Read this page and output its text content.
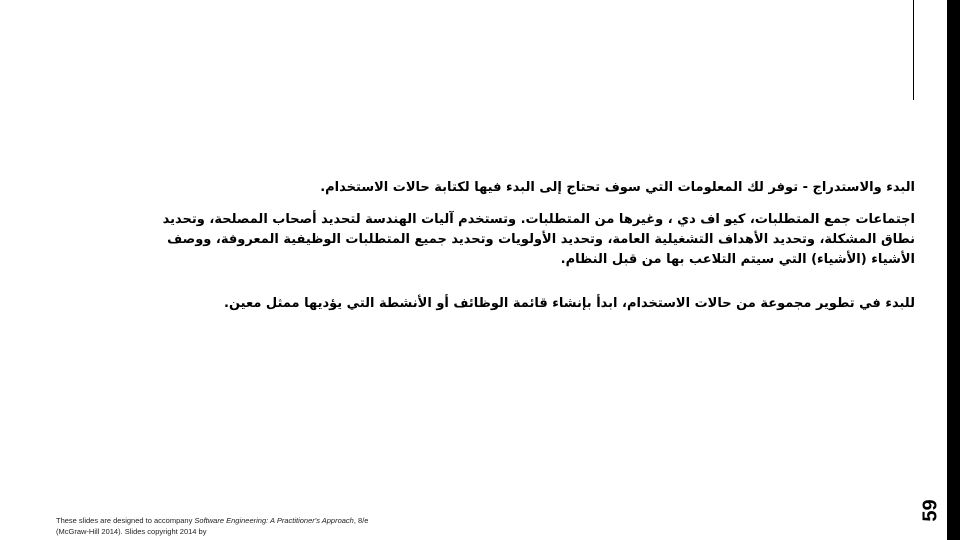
البدء والاستدراج - توفر لك المعلومات التي سوف تحتاج إلى البدء فيها لكتابة حالات الاستخدام.
اجتماعات جمع المتطلبات، كيو اف دي ، وغيرها من المتطلبات. وتستخدم آليات الهندسة لتحديد أصحاب المصلحة، وتحديد
نطاق المشكلة، وتحديد الأهداف التشغيلية العامة، وتحديد الأولويات وتحديد جميع المتطلبات الوظيفية المعروفة، ووصف
الأشياء (الأشياء) التي سيتم التلاعب بها من قبل النظام.
للبدء في تطوير مجموعة من حالات الاستخدام، ابدأ بإنشاء قائمة الوظائف أو الأنشطة التي يؤديها ممثل معين.
These slides are designed to accompany Software Engineering: A Practitioner's Approach, 8/e (McGraw-Hill 2014). Slides copyright 2014 by
59
